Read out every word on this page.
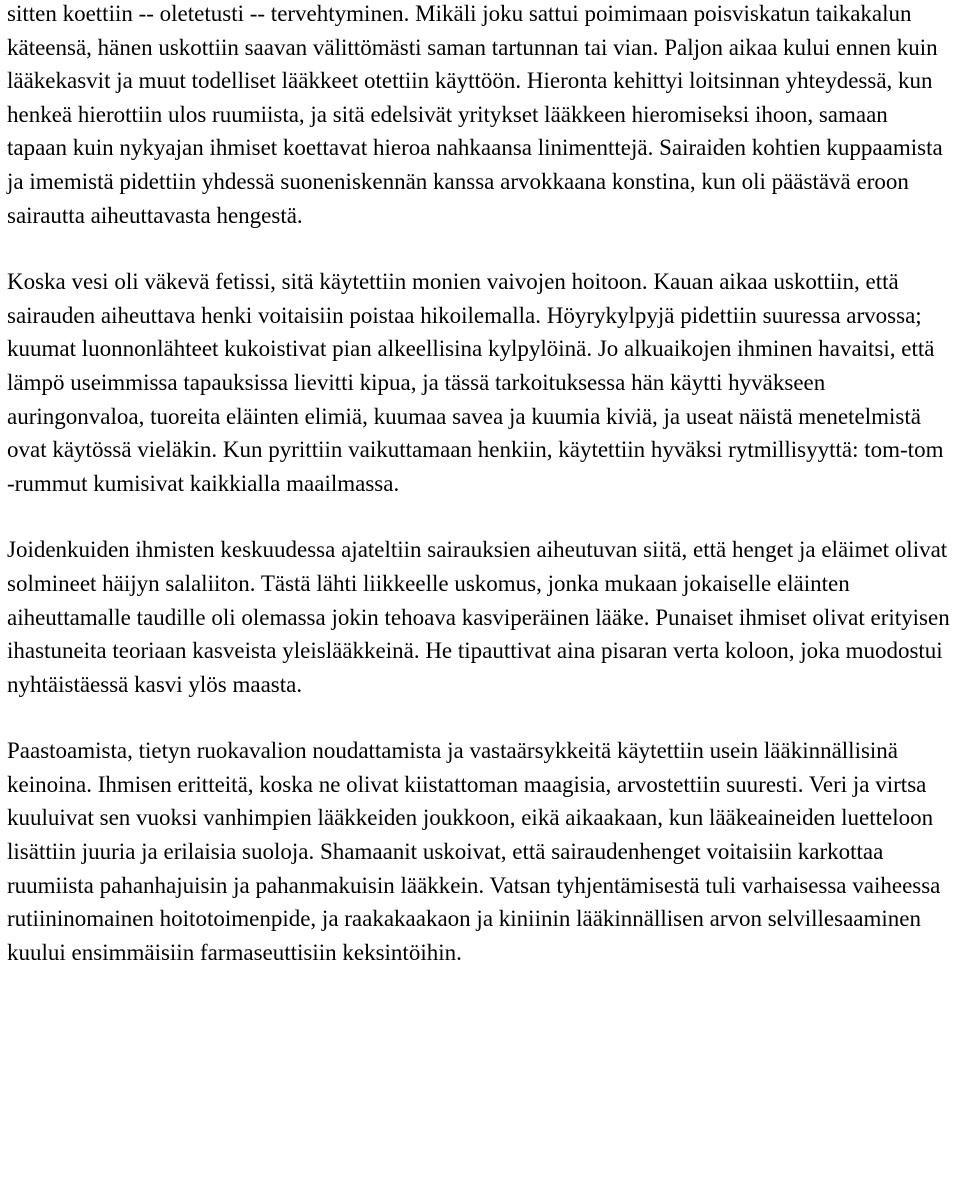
sitten koettiin -- oletetusti -- tervehtyminen. Mikäli joku sattui poimimaan poisviskatun taikakalun käteensä, hänen uskottiin saavan välittömästi saman tartunnan tai vian. Paljon aikaa kului ennen kuin lääkekasvit ja muut todelliset lääkkeet otettiin käyttöön. Hieronta kehittyi loitsinnan yhteydessä, kun henkeä hierottiin ulos ruumiista, ja sitä edelsivät yritykset lääkkeen hieromiseksi ihoon, samaan tapaan kuin nykyajan ihmiset koettavat hieroa nahkaansa linimenttejä. Sairaiden kohtien kuppaamista ja imemistä pidettiin yhdessä suoneniskennän kanssa arvokkaana konstina, kun oli päästävä eroon sairautta aiheuttavasta hengestä.

Koska vesi oli väkevä fetissi, sitä käytettiin monien vaivojen hoitoon. Kauan aikaa uskottiin, että sairauden aiheuttava henki voitaisiin poistaa hikoilemalla. Höyrykylpyjä pidettiin suuressa arvossa; kuumat luonnonlähteet kukoistivat pian alkeellisina kylpylöinä. Jo alkuaikojen ihminen havaitsi, että lämpö useimmissa tapauksissa lievitti kipua, ja tässä tarkoituksessa hän käytti hyväkseen auringonvaloa, tuoreita eläinten elimiä, kuumaa savea ja kuumia kiviä, ja useat näistä menetelmistä ovat käytössä vieläkin. Kun pyrittiin vaikuttamaan henkiin, käytettiin hyväksi rytmillisyyttä: tom-tom -rummut kumisivat kaikkialla maailmassa.

Joidenkuiden ihmisten keskuudessa ajateltiin sairauksien aiheutuvan siitä, että henget ja eläimet olivat solmineet häijyn salaliiton. Tästä lähti liikkeelle uskomus, jonka mukaan jokaiselle eläinten aiheuttamalle taudille oli olemassa jokin tehoava kasviperäinen lääke. Punaiset ihmiset olivat erityisen ihastuneita teoriaan kasveista yleislääkkeinä. He tipauttivat aina pisaran verta koloon, joka muodostui nyhtäistäessä kasvi ylös maasta.

Paastoamista, tietyn ruokavalion noudattamista ja vastaärsykkeitä käytettiin usein lääkinnällisinä keinoina. Ihmisen eritteitä, koska ne olivat kiistattoman maagisia, arvostettiin suuresti. Veri ja virtsa kuuluivat sen vuoksi vanhimpien lääkkeiden joukkoon, eikä aikaakaan, kun lääkeaineiden luetteloon lisättiin juuria ja erilaisia suoloja. Shamaanit uskoivat, että sairaudenhenget voitaisiin karkottaa ruumiista pahanhajuisin ja pahanmakuisin lääkkein. Vatsan tyhjentämisestä tuli varhaisessa vaiheessa rutiininomainen hoitotoimenpide, ja raakakaakaon ja kiniinin lääkinnällisen arvon selvillesaaminen kuului ensimmäisiin farmaseuttisiin keksintöihin.
